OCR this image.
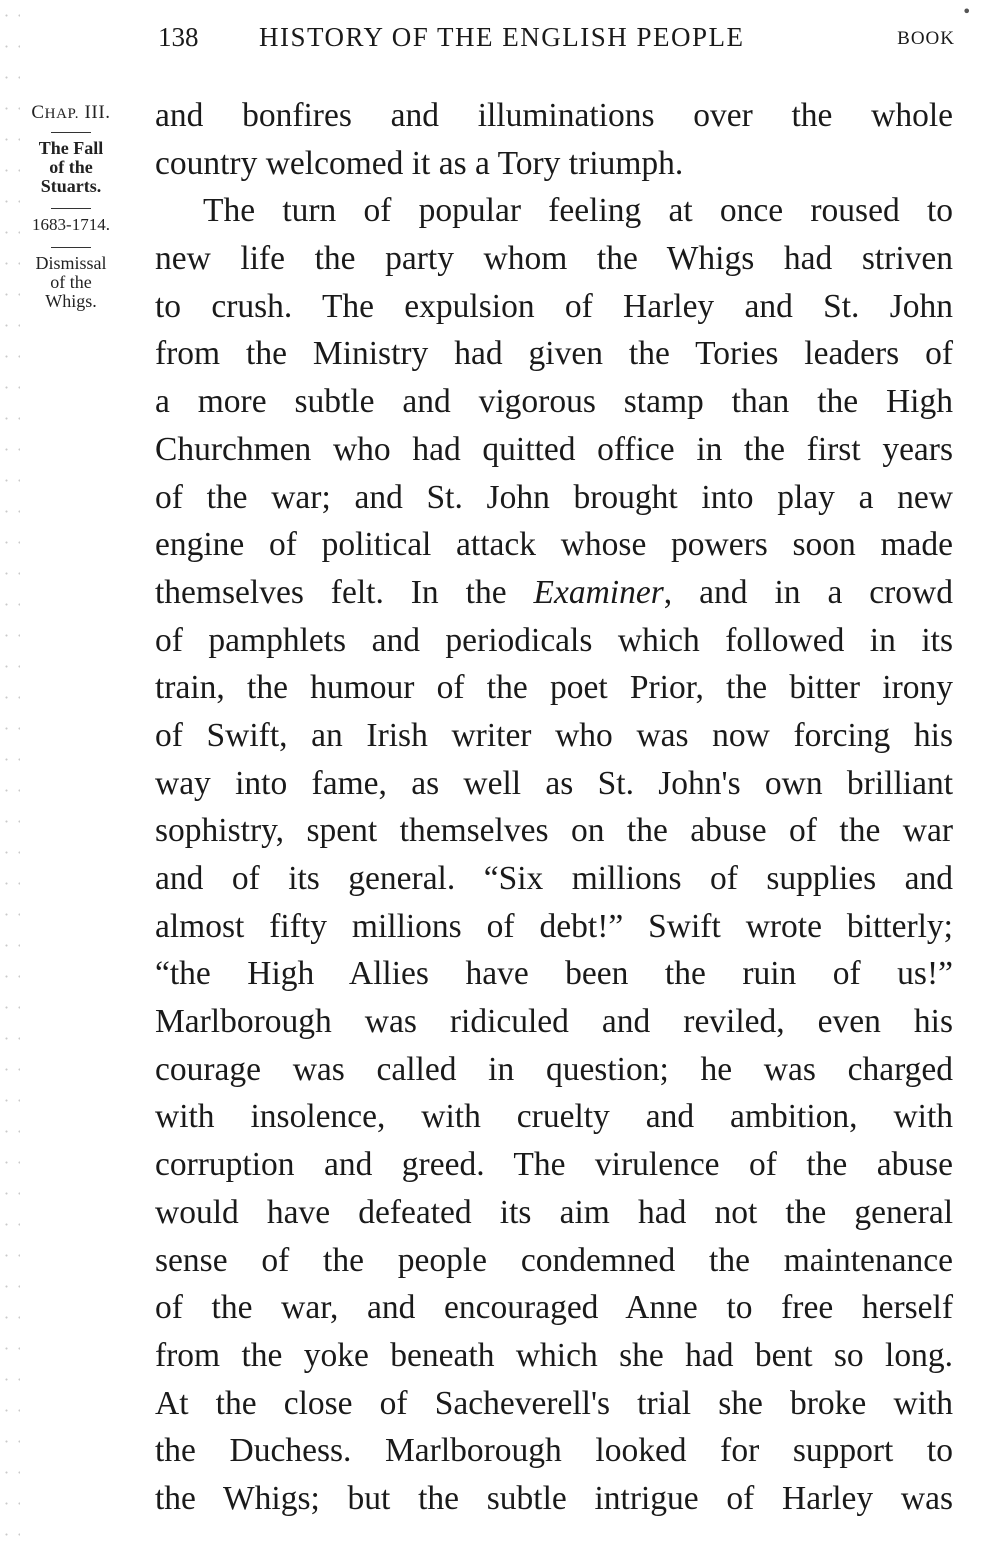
138 HISTORY OF THE ENGLISH PEOPLE	BOOK
•
CHAP. III.
The Fall
of the
Stuarts.
1683-1714.
Dismissal
of the
Whigs.
and bonfires and illuminations over the whole
country welcomed it as a Tory triumph.
The turn of popular feeling at once roused to
new life the party whom the Whigs had striven
to crush. The expulsion of Harley and St. John
from the Ministry had given the Tories leaders of
a more subtle and vigorous stamp than the High
Churchmen who had quitted office in the first years
of the war; and St. John brought into play a new
engine of political attack whose powers soon made
themselves felt. In the Examiner, and in a crowd
of pamphlets and periodicals which followed in its
train, the humour of the poet Prior, the bitter irony
of Swift, an Irish writer who was now forcing his
way into fame, as well as St. John's own brilliant
sophistry, spent themselves on the abuse of the war
and of its general. “Six millions of supplies and
almost fifty millions of debt!” Swift wrote bitterly;
“the High Allies have been the ruin of us!”
Marlborough was ridiculed and reviled, even his
courage was called in question; he was charged
with insolence, with cruelty and ambition, with
corruption and greed. The virulence of the abuse
would have defeated its aim had not the general
sense of the people condemned the maintenance
of the war, and encouraged Anne to free herself
from the yoke beneath which she had bent so long.
At the close of Sacheverell's trial she broke with
the Duchess. Marlborough looked for support to
the Whigs; but the subtle intrigue of Harley was
